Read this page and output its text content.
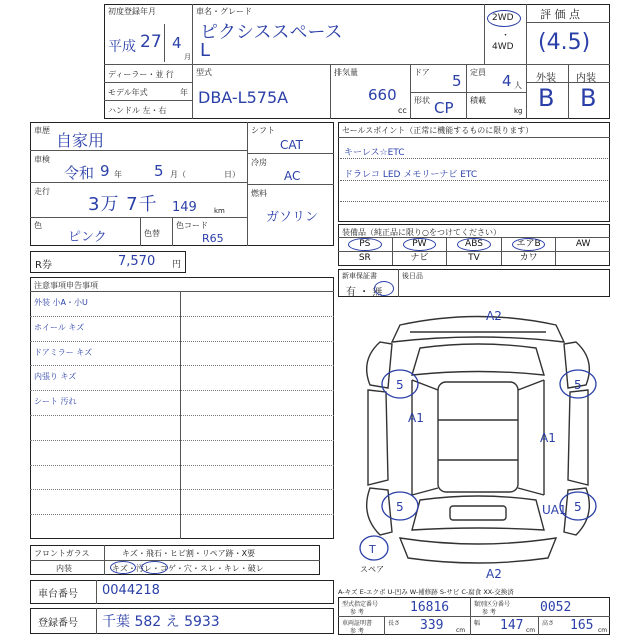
初度登録年月
平成 27 4
月
車名・グレード
ピクシススペース
L
2WD
・
4WD
評 価 点
(4.5)
ディーラー・並 行
モデル年式	年
ハンドル 左・右
型式
DBA-L575A
排気量
660
cc
ドア 5
形状 CP
定員 4 人
積載
kg
外装 内装
B B
車歴
自家用
車検
令和 9 年 5 月（	日）
走行
3万 7千 149 km
色
ピンク	色替
色コード
R65
シフト
CAT
冷房
AC
燃料
ガソリン
R券	7,570 円
セールスポイント（正常に機能するものに限ります）
キーレス☆ETC
ドラレコ LED メモリーナビ ETC
装備品（純正品に限り○をつけてください）
PS	PW	ABS	エアB	AW
SR	ナビ	TV	カワ
新車保証書	後日品
有 ・ 無
注意事項申告事項
外装 小A・小U
ホイール キズ
ドアミラー キズ
内張り キズ
シート 汚れ
フロントガラス	キズ・飛石・ヒビ割・リペア跡・X要
内装	キズ・汚レ・コゲ・穴・スレ・キレ・破レ
車台番号 0044218
登録番号 千葉 582 え 5933
A2
5	5
A1
A1
5	5
UA1
A2
T
スペア
A-キズ E-エクボ U-凹み W-補修跡 S-サビ C-腐食 XX-交換済
型式指定番号
参 考	16816	類別区分番号
参 考	0052
車両証明書
参 考
長さ 339 cm
幅 147 cm
高さ 165 cm
